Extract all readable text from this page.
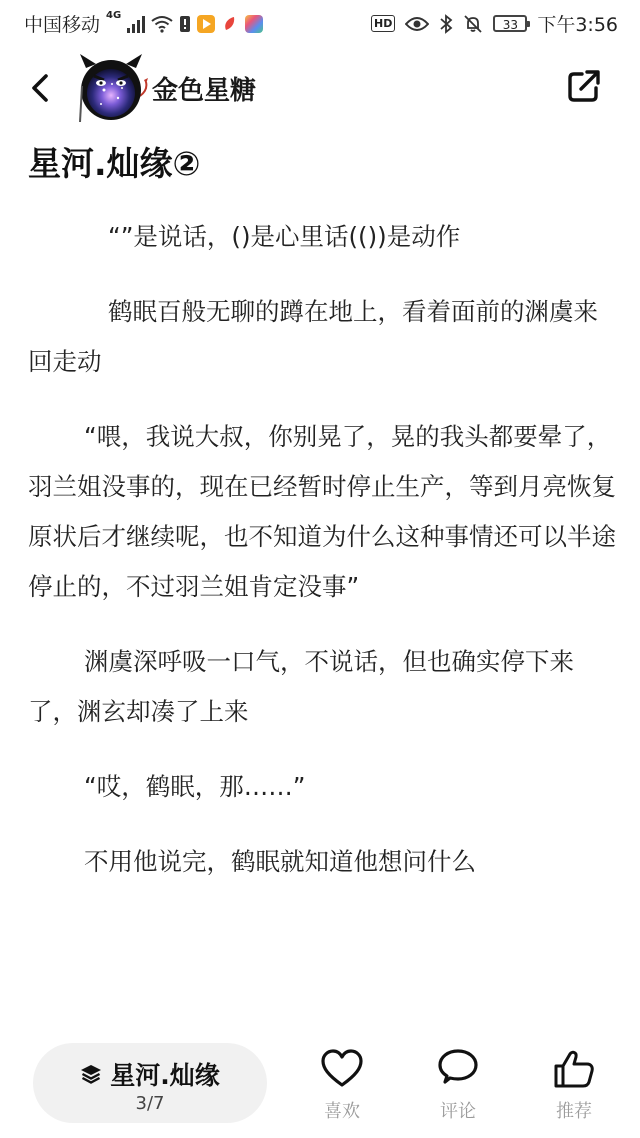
中国移动 4G
HD	33	下午3:56
金色星糖
星河.灿缘②

“”是说话，()是心里话(())是动作

鹤眠百般无聊的蹲在地上，看着面前的渊虞来回走动

“喂，我说大叔，你别晃了，晃的我头都要晕了，羽兰姐没事的，现在已经暂时停止生产，等到月亮恢复原状后才继续呢，也不知道为什么这种事情还可以半途停止的，不过羽兰姐肯定没事”

渊虞深呼吸一口气，不说话，但也确实停下来了，渊玄却凑了上来

“哎，鹤眠，那……”

不用他说完，鹤眠就知道他想问什么

星河.灿缘
3/7	喜欢	评论	推荐
